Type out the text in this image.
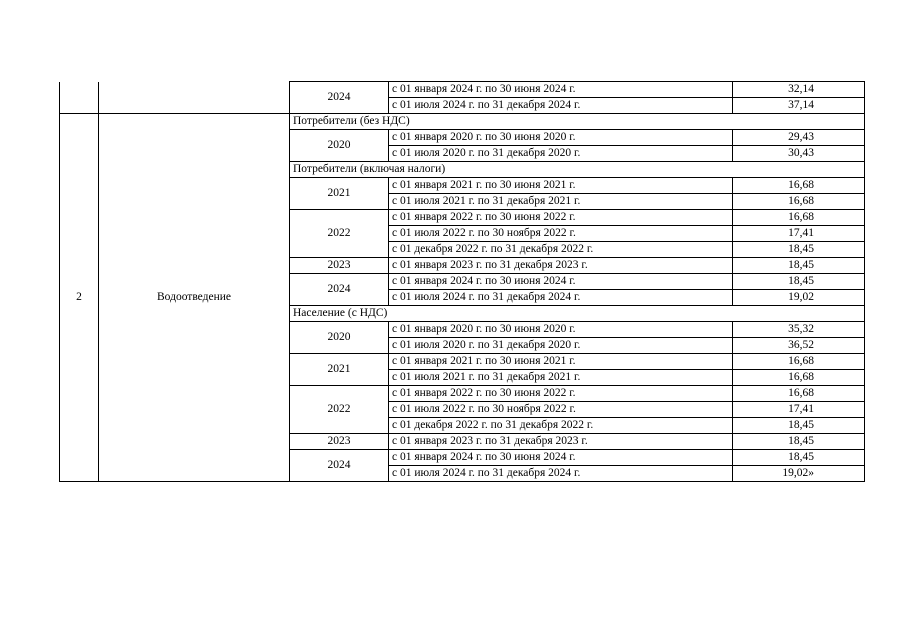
		2024	с 01 января 2024 г. по 30 июня 2024 г.	32,14
			с 01 июля 2024 г. по 31 декабря 2024 г.	37,14
2	Водоотведение	Потребители (без НДС)		
		2020	с 01 января 2020 г. по 30 июня 2020 г.	29,43
			с 01 июля 2020 г. по 31 декабря 2020 г.	30,43
		Потребители (включая налоги)		
		2021	с 01 января 2021 г. по 30 июня 2021 г.	16,68
			с 01 июля 2021 г. по 31 декабря 2021 г.	16,68
		2022	с 01 января 2022 г. по 30 июня 2022 г.	16,68
			с 01 июля 2022 г. по 30 ноября 2022 г.	17,41
			с 01 декабря 2022 г. по 31 декабря 2022 г.	18,45
		2023	с 01 января 2023 г. по 31 декабря 2023 г.	18,45
		2024	с 01 января 2024 г. по 30 июня 2024 г.	18,45
			с 01 июля 2024 г. по 31 декабря 2024 г.	19,02
		Население (с НДС)		
		2020	с 01 января 2020 г. по 30 июня 2020 г.	35,32
			с 01 июля 2020 г. по 31 декабря 2020 г.	36,52
		2021	с 01 января 2021 г. по 30 июня 2021 г.	16,68
			с 01 июля 2021 г. по 31 декабря 2021 г.	16,68
		2022	с 01 января 2022 г. по 30 июня 2022 г.	16,68
			с 01 июля 2022 г. по 30 ноября 2022 г.	17,41
			с 01 декабря 2022 г. по 31 декабря 2022 г.	18,45
		2023	с 01 января 2023 г. по 31 декабря 2023 г.	18,45
		2024	с 01 января 2024 г. по 30 июня 2024 г.	18,45
			с 01 июля 2024 г. по 31 декабря 2024 г.	19,02»
